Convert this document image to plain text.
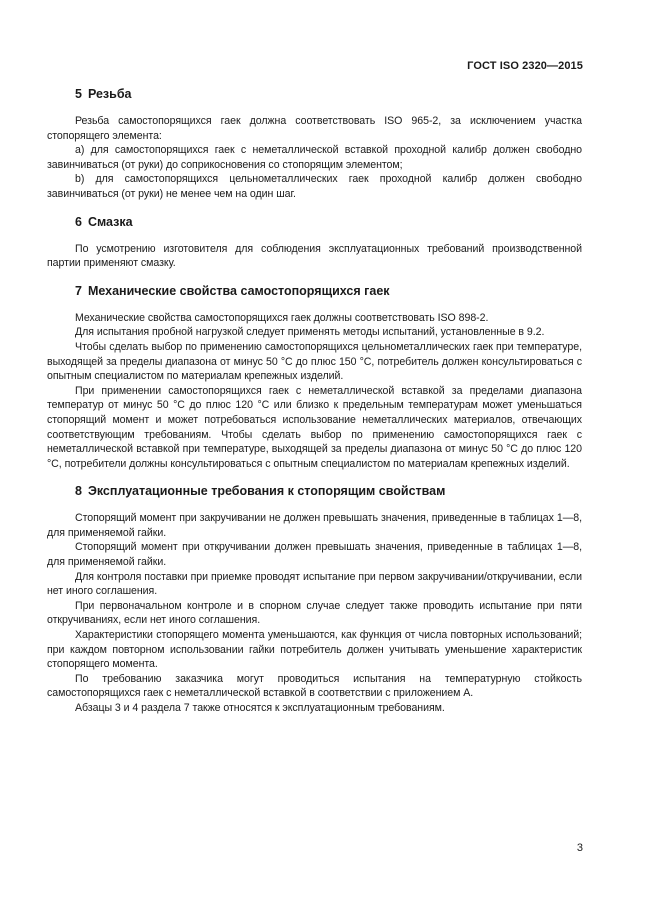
ГОСТ ISO 2320—2015
5 Резьба

Резьба самостопорящихся гаек должна соответствовать ISO 965-2, за исключением участка стопорящего элемента:

а) для самостопорящихся гаек с неметаллической вставкой проходной калибр должен свободно завинчиваться (от руки) до соприкосновения со стопорящим элементом;

b) для самостопорящихся цельнометаллических гаек проходной калибр должен свободно завинчиваться (от руки) не менее чем на один шаг.

6 Смазка

По усмотрению изготовителя для соблюдения эксплуатационных требований производственной партии применяют смазку.

7 Механические свойства самостопорящихся гаек

Механические свойства самостопорящихся гаек должны соответствовать ISO 898-2.

Для испытания пробной нагрузкой следует применять методы испытаний, установленные в 9.2.

Чтобы сделать выбор по применению самостопорящихся цельнометаллических гаек при температуре, выходящей за пределы диапазона от минус 50 °С до плюс 150 °С, потребитель должен консультироваться с опытным специалистом по материалам крепежных изделий.

При применении самостопорящихся гаек с неметаллической вставкой за пределами диапазона температур от минус 50 °С до плюс 120 °С или близко к предельным температурам может уменьшаться стопорящий момент и может потребоваться использование неметаллических материалов, отвечающих соответствующим требованиям. Чтобы сделать выбор по применению самостопорящихся гаек с неметаллической вставкой при температуре, выходящей за пределы диапазона от минус 50 °С до плюс 120 °С, потребители должны консультироваться с опытным специалистом по материалам крепежных изделий.

8 Эксплуатационные требования к стопорящим свойствам

Стопорящий момент при закручивании не должен превышать значения, приведенные в таблицах 1—8, для применяемой гайки.

Стопорящий момент при откручивании должен превышать значения, приведенные в таблицах 1—8, для применяемой гайки.

Для контроля поставки при приемке проводят испытание при первом закручивании/откручивании, если нет иного соглашения.

При первоначальном контроле и в спорном случае следует также проводить испытание при пяти откручиваниях, если нет иного соглашения.

Характеристики стопорящего момента уменьшаются, как функция от числа повторных использований; при каждом повторном использовании гайки потребитель должен учитывать уменьшение характеристик стопорящего момента.

По требованию заказчика могут проводиться испытания на температурную стойкость самостопорящихся гаек с неметаллической вставкой в соответствии с приложением А.

Абзацы 3 и 4 раздела 7 также относятся к эксплуатационным требованиям.

3
